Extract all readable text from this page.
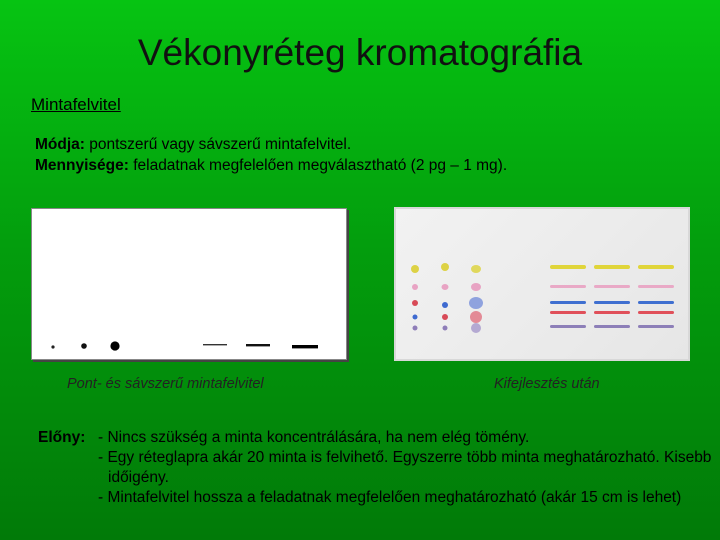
Vékonyréteg kromatográfia
Mintafelvitel
Módja: pontszerű vagy sávszerű mintafelvitel.
Mennyisége: feladatnak megfelelően megválasztható (2 pg – 1 mg).
Pont- és sávszerű mintafelvitel	Kifejlesztés után
Előny: - Nincs szükség a minta koncentrálására, ha nem elég tömény.
- Egy réteglapra akár 20 minta is felvihető. Egyszerre több minta meghatározható. Kisebb időigény.
- Mintafelvitel hossza a feladatnak megfelelően meghatározható (akár 15 cm is lehet)
